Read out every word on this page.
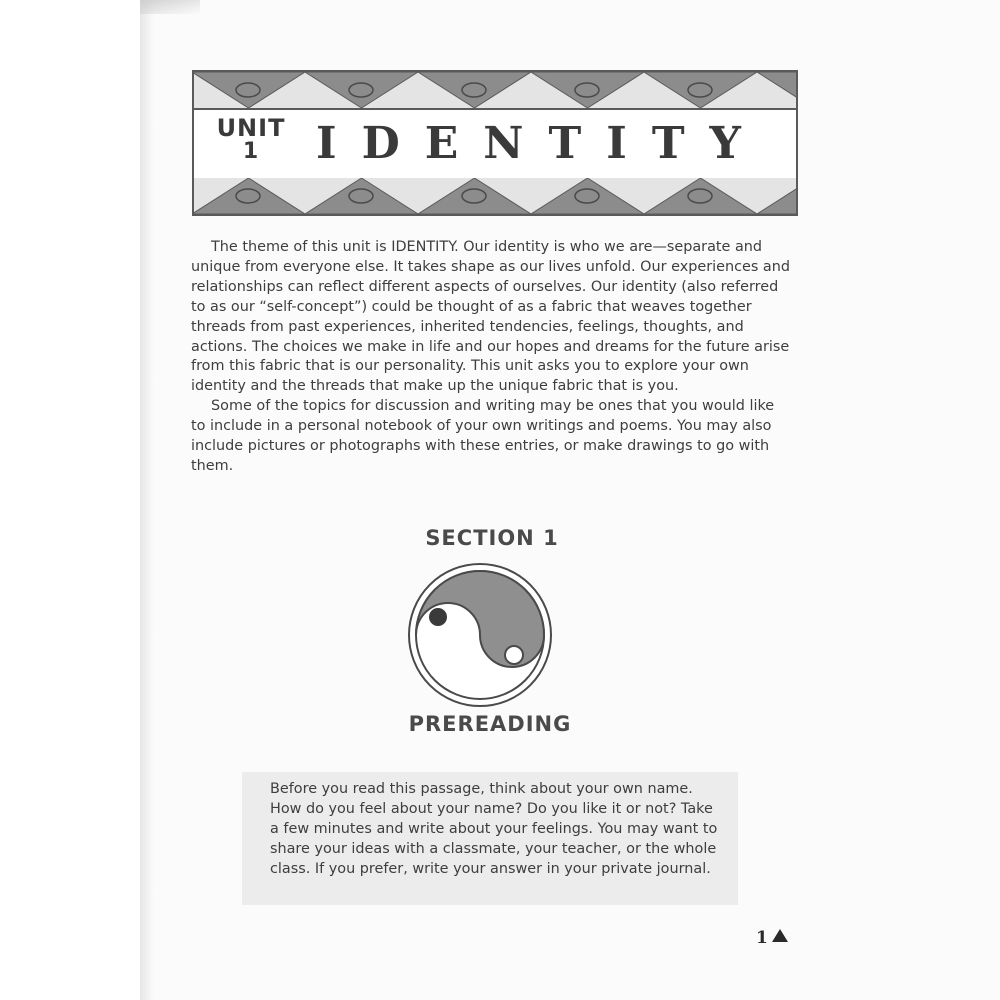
UNIT
1	IDENTITY

The theme of this unit is IDENTITY. Our identity is who we are—separate and unique from everyone else. It takes shape as our lives unfold. Our experiences and relationships can reflect different aspects of ourselves. Our identity (also referred to as our “self-concept”) could be thought of as a fabric that weaves together threads from past experiences, inherited tendencies, feelings, thoughts, and actions. The choices we make in life and our hopes and dreams for the future arise from this fabric that is our personality. This unit asks you to explore your own identity and the threads that make up the unique fabric that is you.

Some of the topics for discussion and writing may be ones that you would like to include in a personal notebook of your own writings and poems. You may also include pictures or photographs with these entries, or make drawings to go with them.

SECTION 1
PREREADING

Before you read this passage, think about your own name. How do you feel about your name? Do you like it or not? Take a few minutes and write about your feelings. You may want to share your ideas with a classmate, your teacher, or the whole class. If you prefer, write your answer in your private journal.

1
